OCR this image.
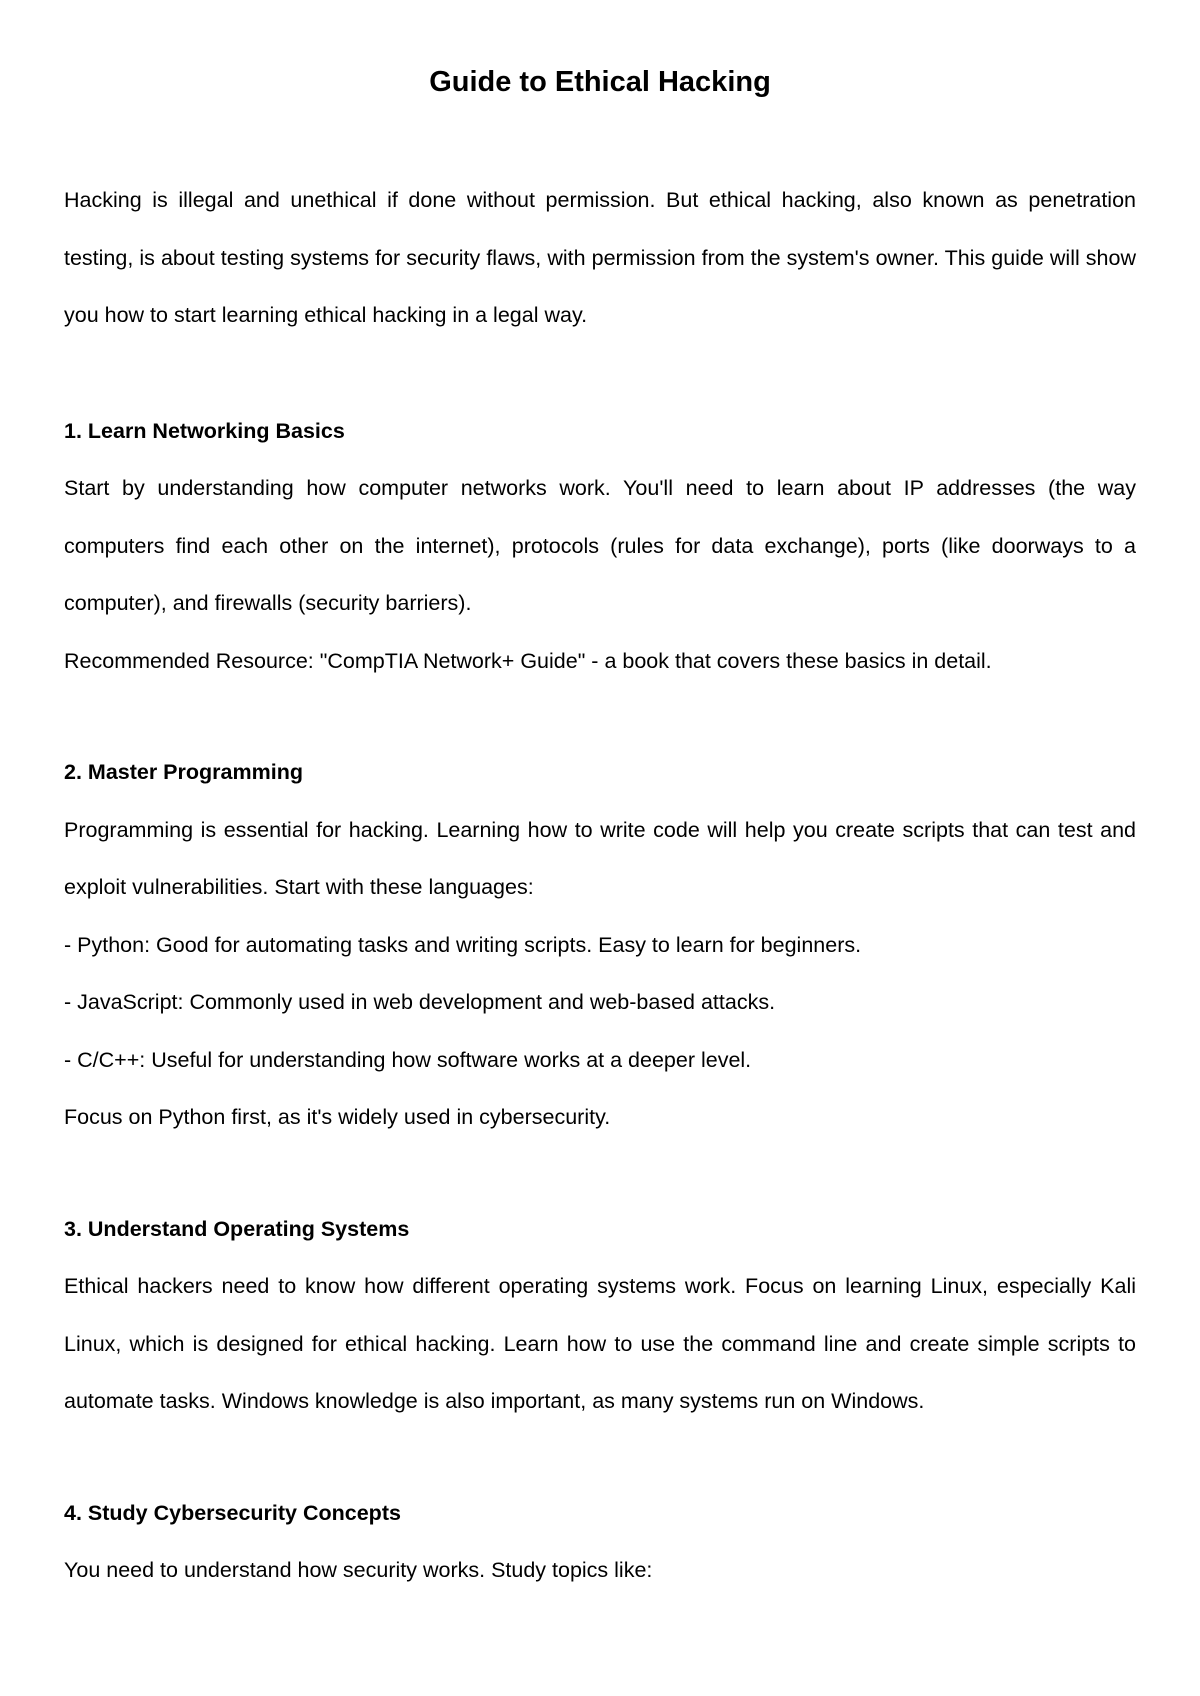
Guide to Ethical Hacking

Hacking is illegal and unethical if done without permission. But ethical hacking, also known as penetration testing, is about testing systems for security flaws, with permission from the system's owner. This guide will show you how to start learning ethical hacking in a legal way.

1. Learn Networking Basics

Start by understanding how computer networks work. You'll need to learn about IP addresses (the way computers find each other on the internet), protocols (rules for data exchange), ports (like doorways to a computer), and firewalls (security barriers).

Recommended Resource: "CompTIA Network+ Guide" - a book that covers these basics in detail.

2. Master Programming

Programming is essential for hacking. Learning how to write code will help you create scripts that can test and exploit vulnerabilities. Start with these languages:

- Python: Good for automating tasks and writing scripts. Easy to learn for beginners.

- JavaScript: Commonly used in web development and web-based attacks.

- C/C++: Useful for understanding how software works at a deeper level.

Focus on Python first, as it's widely used in cybersecurity.

3. Understand Operating Systems

Ethical hackers need to know how different operating systems work. Focus on learning Linux, especially Kali Linux, which is designed for ethical hacking. Learn how to use the command line and create simple scripts to automate tasks. Windows knowledge is also important, as many systems run on Windows.

4. Study Cybersecurity Concepts

You need to understand how security works. Study topics like:
